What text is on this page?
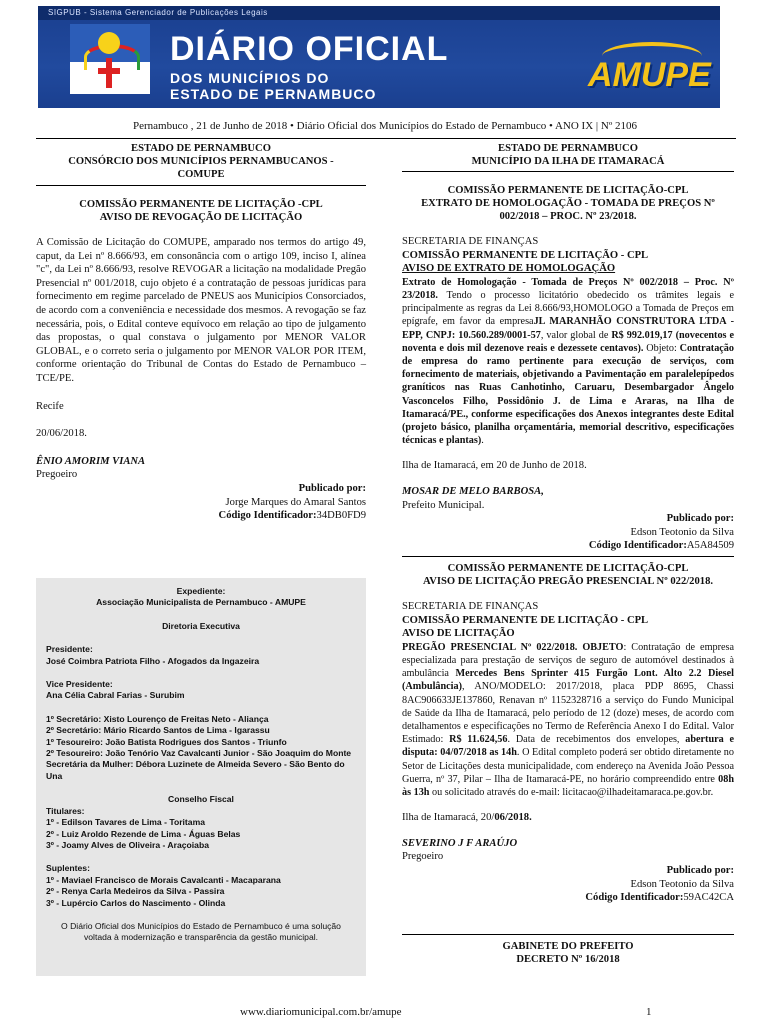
SIGPUB - Sistema Gerenciador de Publicações Legais
DIÁRIO OFICIAL
DOS MUNICÍPIOS DO
ESTADO DE PERNAMBUCO	AMUPE
Pernambuco , 21 de Junho de 2018 • Diário Oficial dos Municípios do Estado de Pernambuco • ANO IX | Nº 2106
ESTADO DE PERNAMBUCO
CONSÓRCIO DOS MUNICÍPIOS PERNAMBUCANOS -
COMUPE
COMISSÃO PERMANENTE DE LICITAÇÃO -CPL
AVISO DE REVOGAÇÃO DE LICITAÇÃO

A Comissão de Licitação do COMUPE, amparado nos termos do artigo 49, caput, da Lei nº 8.666/93, em consonância com o artigo 109, inciso I, alínea "c", da Lei nº 8.666/93, resolve REVOGAR a licitação na modalidade Pregão Presencial nº 001/2018, cujo objeto é a contratação de pessoas jurídicas para fornecimento em regime parcelado de PNEUS aos Municípios Consorciados, de acordo com a conveniência e necessidade dos mesmos. A revogação se faz necessária, pois, o Edital conteve equívoco em relação ao tipo de julgamento das propostas, o qual constava o julgamento por MENOR VALOR GLOBAL, e o correto seria o julgamento por MENOR VALOR POR ITEM, conforme orientação do Tribunal de Contas do Estado de Pernambuco – TCE/PE.

Recife

20/06/2018.

ÊNIO AMORIM VIANA

Pregoeiro

Publicado por:

Jorge Marques do Amaral Santos

Código Identificador:34DB0FD9

Expediente:
Associação Municipalista de Pernambuco - AMUPE
Diretoria Executiva
Presidente:
José Coimbra Patriota Filho - Afogados da Ingazeira
Vice Presidente:
Ana Célia Cabral Farias - Surubim
1º Secretário: Xisto Lourenço de Freitas Neto - Aliança
2º Secretário: Mário Ricardo Santos de Lima - Igarassu
1º Tesoureiro: João Batista Rodrigues dos Santos - Triunfo
2º Tesoureiro: João Tenório Vaz Cavalcanti Junior - São Joaquim do Monte
Secretária da Mulher: Débora Luzinete de Almeida Severo - São Bento do Una
Conselho Fiscal
Titulares:
1º - Edilson Tavares de Lima - Toritama
2º - Luiz Aroldo Rezende de Lima - Águas Belas
3º - Joamy Alves de Oliveira - Araçoiaba
Suplentes:
1º - Maviael Francisco de Morais Cavalcanti - Macaparana
2º - Renya Carla Medeiros da Silva - Passira
3º - Lupércio Carlos do Nascimento - Olinda
O Diário Oficial dos Municípios do Estado de Pernambuco é uma solução voltada à modernização e transparência da gestão municipal.
ESTADO DE PERNAMBUCO
MUNICÍPIO DA ILHA DE ITAMARACÁ
COMISSÃO PERMANENTE DE LICITAÇÃO-CPL
EXTRATO DE HOMOLOGAÇÃO - TOMADA DE PREÇOS Nº
002/2018 – PROC. Nº 23/2018.

SECRETARIA DE FINANÇAS

COMISSÃO PERMANENTE DE LICITAÇÃO - CPL

AVISO DE EXTRATO DE HOMOLOGAÇÃO

Extrato de Homologação - Tomada de Preços Nº 002/2018 – Proc. Nº 23/2018. Tendo o processo licitatório obedecido os trâmites legais e principalmente as regras da Lei 8.666/93,HOMOLOGO a Tomada de Preços em epígrafe, em favor da empresaJL MARANHÃO CONSTRUTORA LTDA - EPP, CNPJ: 10.560.289/0001-57, valor global de R$ 992.019,17 (novecentos e noventa e dois mil dezenove reais e dezessete centavos). Objeto: Contratação de empresa do ramo pertinente para execução de serviços, com fornecimento de materiais, objetivando a Pavimentação em paralelepípedos graníticos nas Ruas Canhotinho, Caruaru, Desembargador Ângelo Vasconcelos Filho, Possidônio J. de Lima e Araras, na Ilha de Itamaracá/PE., conforme especificações dos Anexos integrantes deste Edital (projeto básico, planilha orçamentária, memorial descritivo, especificações técnicas e plantas).

Ilha de Itamaracá, em 20 de Junho de 2018.

MOSAR DE MELO BARBOSA,

Prefeito Municipal.

Publicado por:

Edson Teotonio da Silva

Código Identificador:A5A84509

COMISSÃO PERMANENTE DE LICITAÇÃO-CPL
AVISO DE LICITAÇÃO PREGÃO PRESENCIAL Nº 022/2018.

SECRETARIA DE FINANÇAS

COMISSÃO PERMANENTE DE LICITAÇÃO - CPL

AVISO DE LICITAÇÃO

PREGÃO PRESENCIAL Nº 022/2018. OBJETO: Contratação de empresa especializada para prestação de serviços de seguro de automóvel destinados à ambulância Mercedes Bens Sprinter 415 Furgão Lont. Alto 2.2 Diesel (Ambulância), ANO/MODELO: 2017/2018, placa PDP 8695, Chassi 8AC906633JE137860, Renavan nº 1152328716 a serviço do Fundo Municipal de Saúde da Ilha de Itamaracá, pelo período de 12 (doze) meses, de acordo com detalhamentos e especificações no Termo de Referência Anexo I do Edital. Valor Estimado: R$ 11.624,56. Data de recebimentos dos envelopes, abertura e disputa: 04/07/2018 as 14h. O Edital completo poderá ser obtido diretamente no Setor de Licitações desta municipalidade, com endereço na Avenida João Pessoa Guerra, nº 37, Pilar – Ilha de Itamaracá-PE, no horário compreendido entre 08h às 13h ou solicitado através do e-mail: licitacao@ilhadeitamaraca.pe.gov.br.

Ilha de Itamaracá, 20/06/2018.

SEVERINO J F ARAÚJO

Pregoeiro

Publicado por:

Edson Teotonio da Silva

Código Identificador:59AC42CA

GABINETE DO PREFEITO
DECRETO Nº 16/2018
www.diariomunicipal.com.br/amupe	1
